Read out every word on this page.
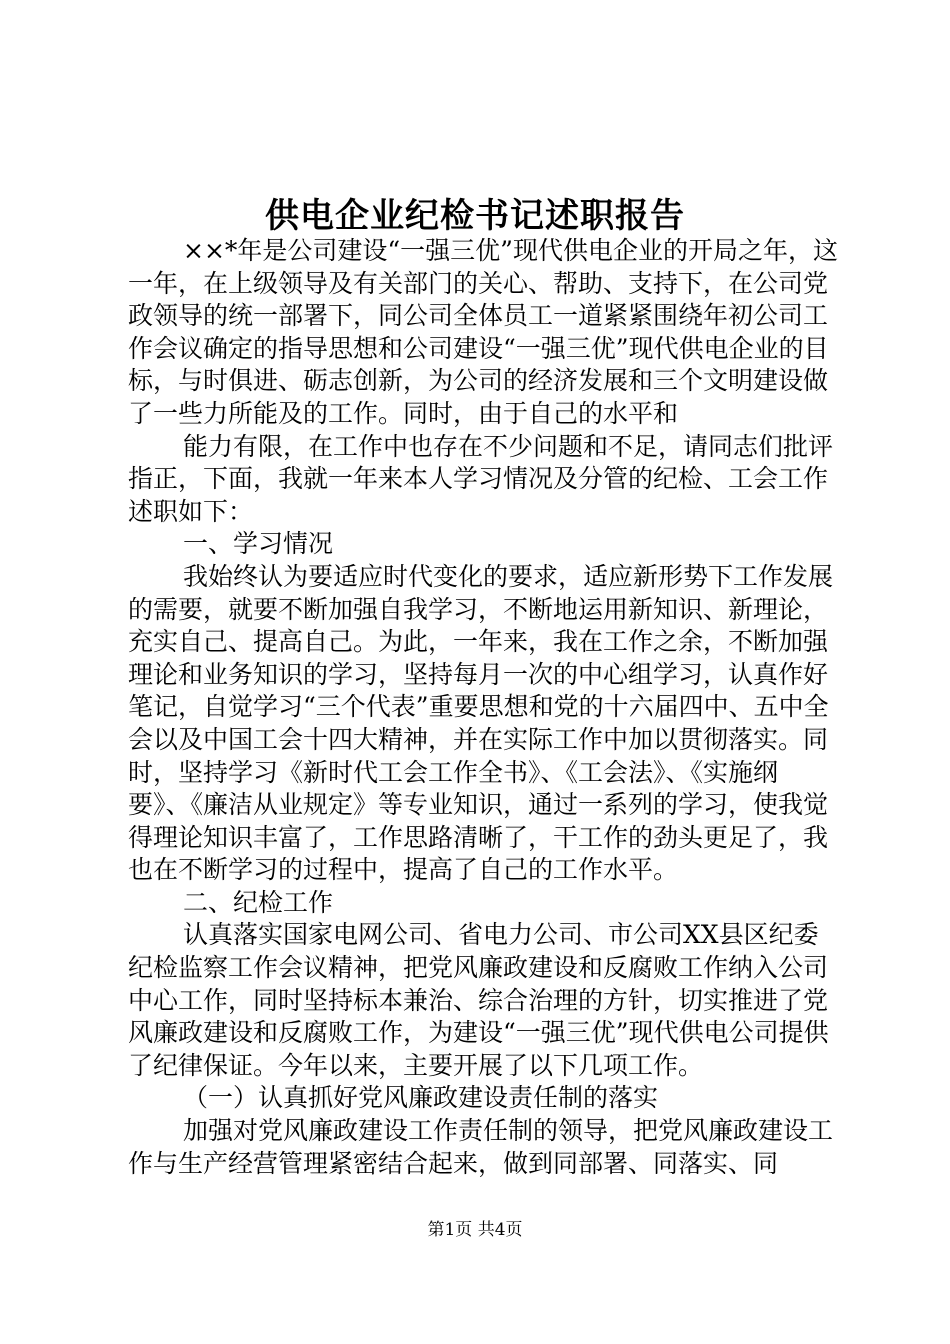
供电企业纪检书记述职报告

××*年是公司建设“一强三优”现代供电企业的开局之年，这一年，在上级领导及有关部门的关心、帮助、支持下，在公司党政领导的统一部署下，同公司全体员工一道紧紧围绕年初公司工作会议确定的指导思想和公司建设“一强三优”现代供电企业的目标，与时俱进、砺志创新，为公司的经济发展和三个文明建设做了一些力所能及的工作。同时，由于自己的水平和

能力有限，在工作中也存在不少问题和不足，请同志们批评指正，下面，我就一年来本人学习情况及分管的纪检、工会工作述职如下：

一、学习情况

我始终认为要适应时代变化的要求，适应新形势下工作发展的需要，就要不断加强自我学习，不断地运用新知识、新理论，充实自己、提高自己。为此，一年来，我在工作之余，不断加强理论和业务知识的学习，坚持每月一次的中心组学习，认真作好笔记，自觉学习“三个代表”重要思想和党的十六届四中、五中全会以及中国工会十四大精神，并在实际工作中加以贯彻落实。同时，坚持学习《新时代工会工作全书》、《工会法》、《实施纲要》、《廉洁从业规定》等专业知识，通过一系列的学习，使我觉得理论知识丰富了，工作思路清晰了，干工作的劲头更足了，我也在不断学习的过程中，提高了自己的工作水平。

二、纪检工作

认真落实国家电网公司、省电力公司、市公司XX县区纪委纪检监察工作会议精神，把党风廉政建设和反腐败工作纳入公司中心工作，同时坚持标本兼治、综合治理的方针，切实推进了党风廉政建设和反腐败工作，为建设“一强三优”现代供电公司提供了纪律保证。今年以来，主要开展了以下几项工作。

（一）认真抓好党风廉政建设责任制的落实

加强对党风廉政建设工作责任制的领导，把党风廉政建设工作与生产经营管理紧密结合起来，做到同部署、同落实、同

第1页 共4页
